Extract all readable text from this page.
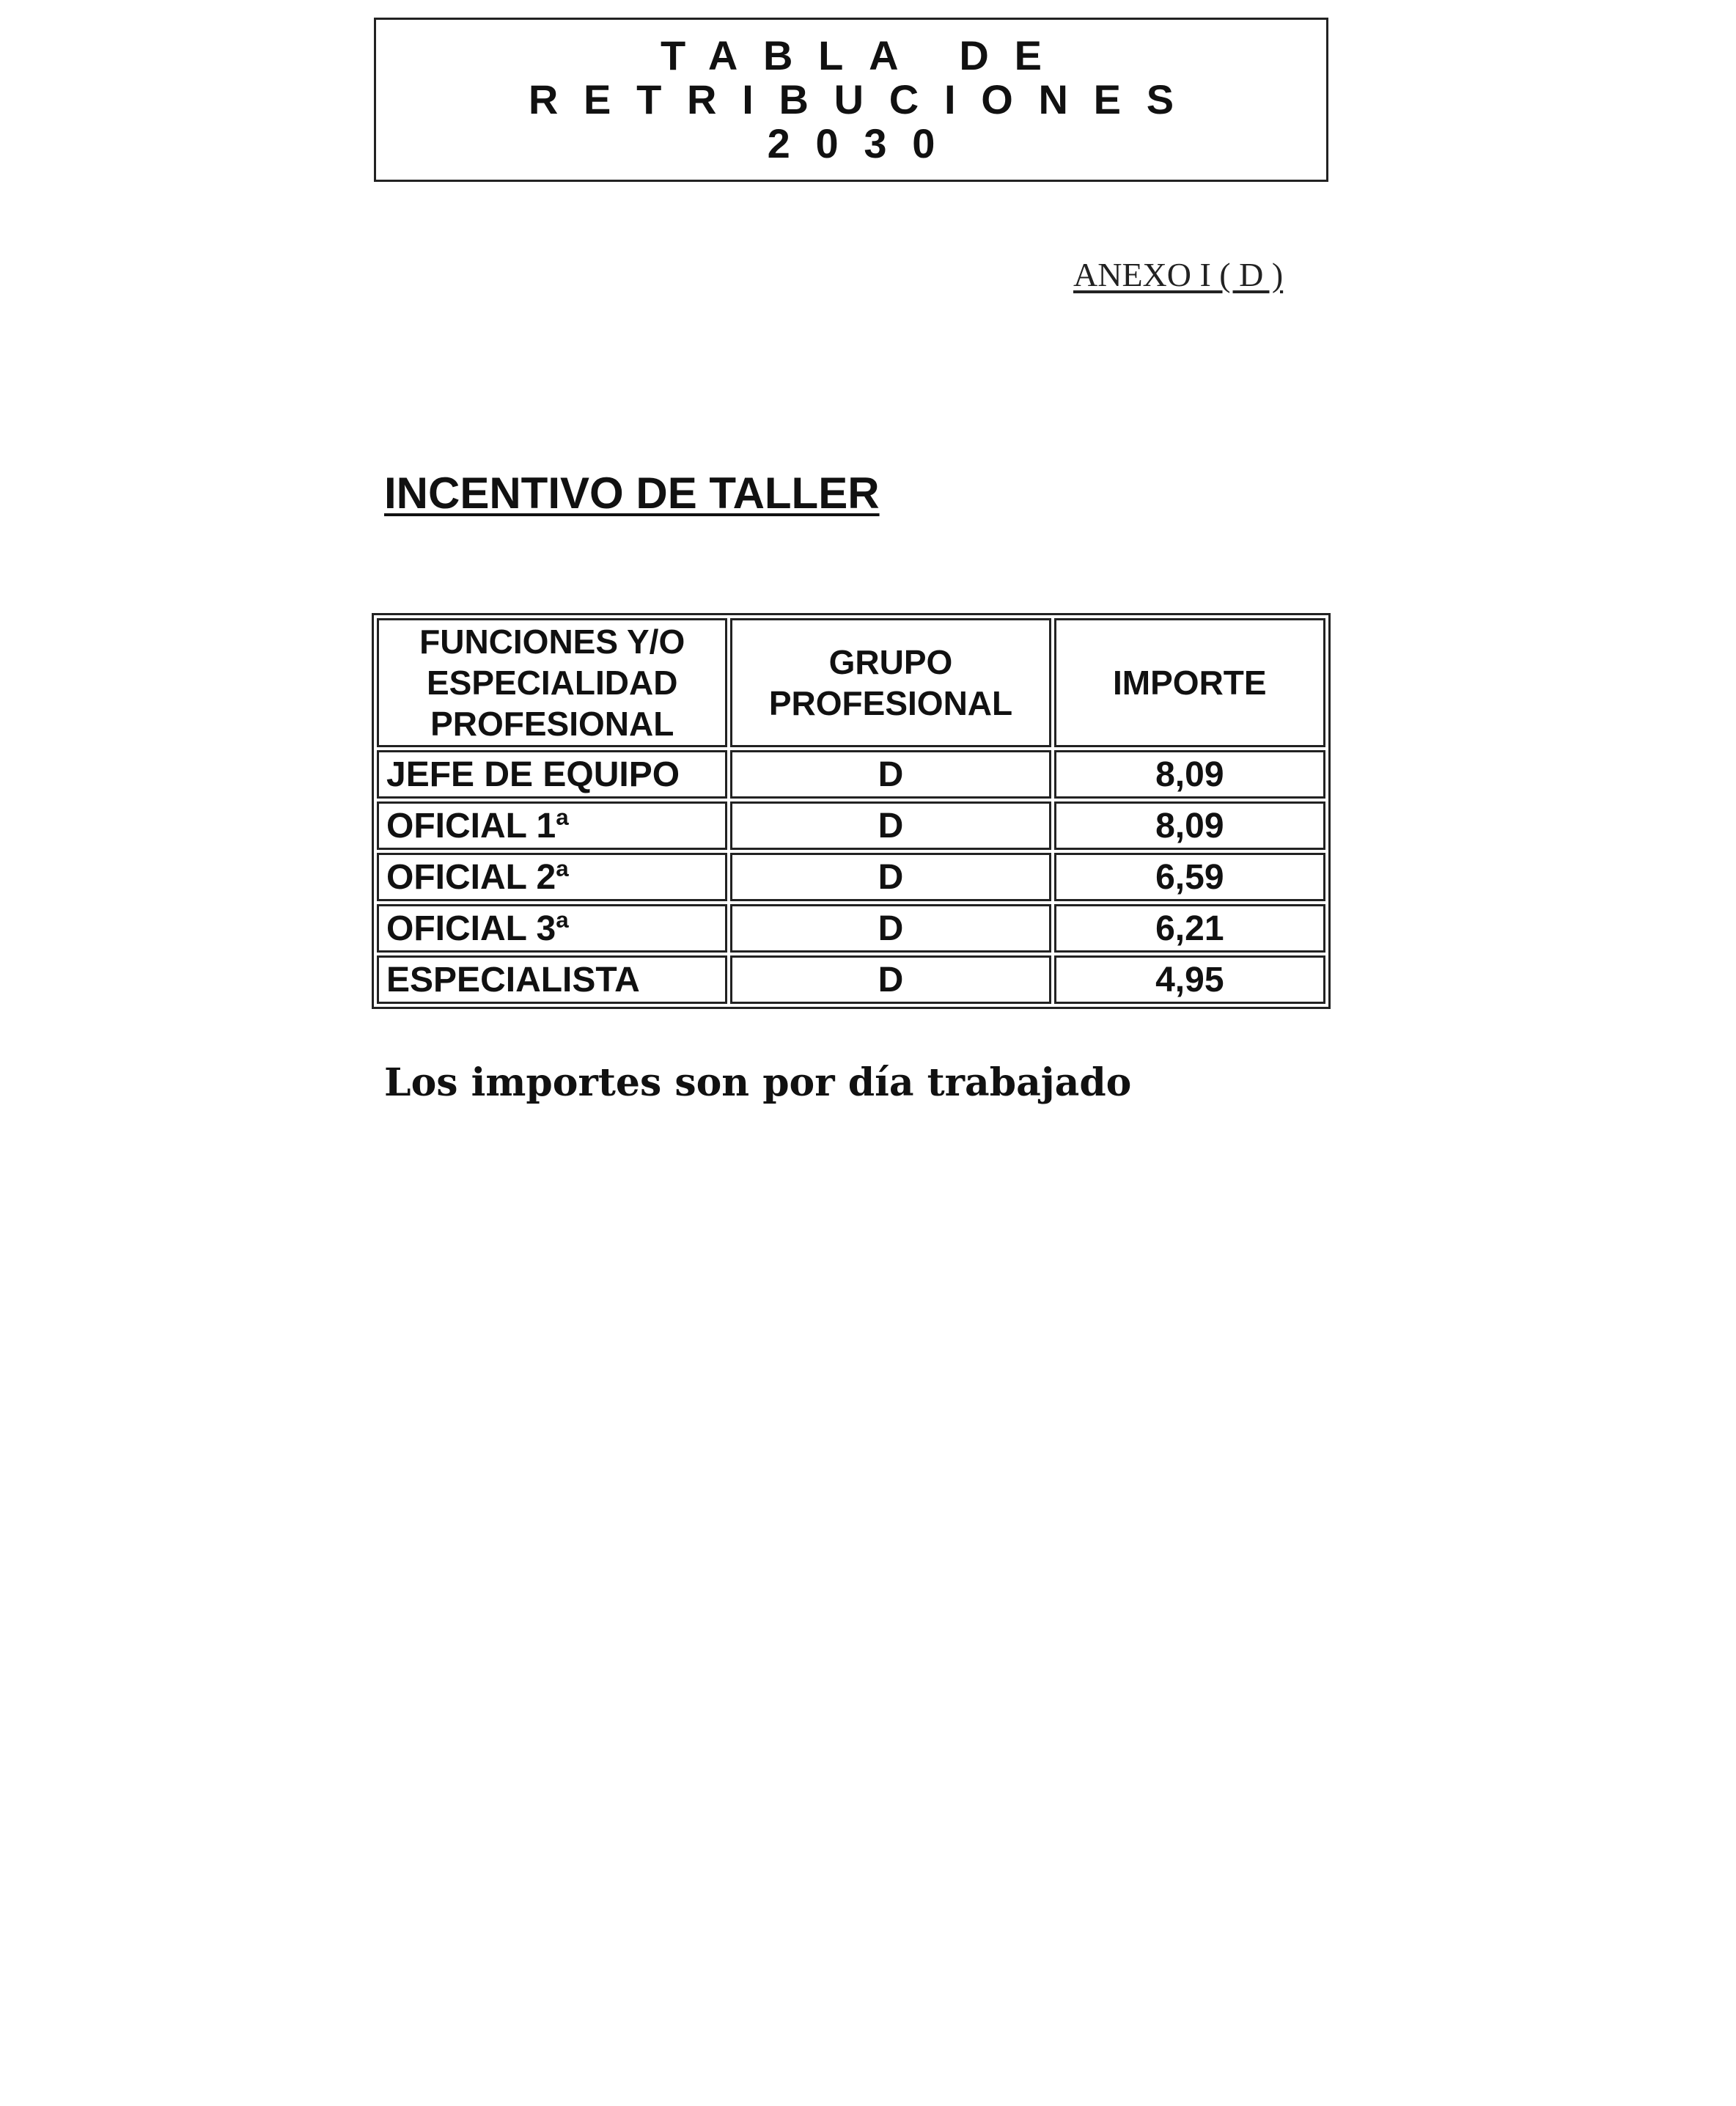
TABLA DE RETRIBUCIONES
2030
ANEXO I ( D )
INCENTIVO DE TALLER
FUNCIONES Y/O ESPECIALIDAD PROFESIONAL	GRUPO PROFESIONAL	IMPORTE
JEFE DE EQUIPO	D	8,09
OFICIAL 1ª	D	8,09
OFICIAL 2ª	D	6,59
OFICIAL 3ª	D	6,21
ESPECIALISTA	D	4,95
Los importes son por día trabajado
